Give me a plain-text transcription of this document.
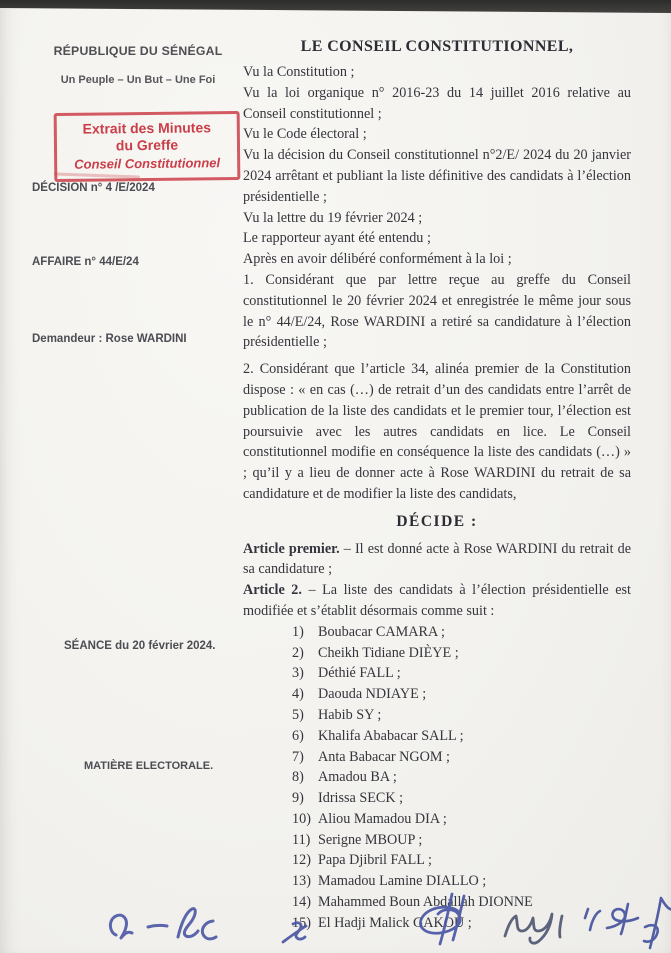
RÉPUBLIQUE DU SÉNÉGAL
Un Peuple – Un But – Une Foi
Extrait des Minutes
du Greffe
Conseil Constitutionnel
DÉCISION n° 4 /E/2024
AFFAIRE n° 44/E/24
Demandeur : Rose WARDINI
SÉANCE du 20 février 2024.
MATIÈRE ELECTORALE.
LE CONSEIL CONSTITUTIONNEL,

Vu la Constitution ;

Vu la loi organique n° 2016-23 du 14 juillet 2016 relative au Conseil constitutionnel ;

Vu le Code électoral ;

Vu la décision du Conseil constitutionnel n°2/E/ 2024 du 20 janvier 2024 arrêtant et publiant la liste définitive des candidats à l’élection présidentielle ;

Vu la lettre du 19 février 2024 ;

Le rapporteur ayant été entendu ;

Après en avoir délibéré conformément à la loi ;

1. Considérant que par lettre reçue au greffe du Conseil constitutionnel le 20 février 2024 et enregistrée le même jour sous le n° 44/E/24, Rose WARDINI a retiré sa candidature à l’élection présidentielle ;

2. Considérant que l’article 34, alinéa premier de la Constitution dispose : « en cas (…) de retrait d’un des candidats entre l’arrêt de publication de la liste des candidats et le premier tour, l’élection est poursuivie avec les autres candidats en lice. Le Conseil constitutionnel modifie en conséquence la liste des candidats (…) » ; qu’il y a lieu de donner acte à Rose WARDINI du retrait de sa candidature et de modifier la liste des candidats,

DÉCIDE :

Article premier. – Il est donné acte à Rose WARDINI du retrait de sa candidature ;

Article 2. – La liste des candidats à l’élection présidentielle est modifiée et s’établit désormais comme suit :

1) Boubacar CAMARA ;
2) Cheikh Tidiane DIÈYE ;
3) Déthié FALL ;
4) Daouda NDIAYE ;
5) Habib SY ;
6) Khalifa Ababacar SALL ;
7) Anta Babacar NGOM ;
8) Amadou BA ;
9) Idrissa SECK ;
10) Aliou Mamadou DIA ;
11) Serigne MBOUP ;
12) Papa Djibril FALL ;
13) Mamadou Lamine DIALLO ;
14) Mahammed Boun Abdallah DIONNE
15) El Hadji Malick GAKOU ;
